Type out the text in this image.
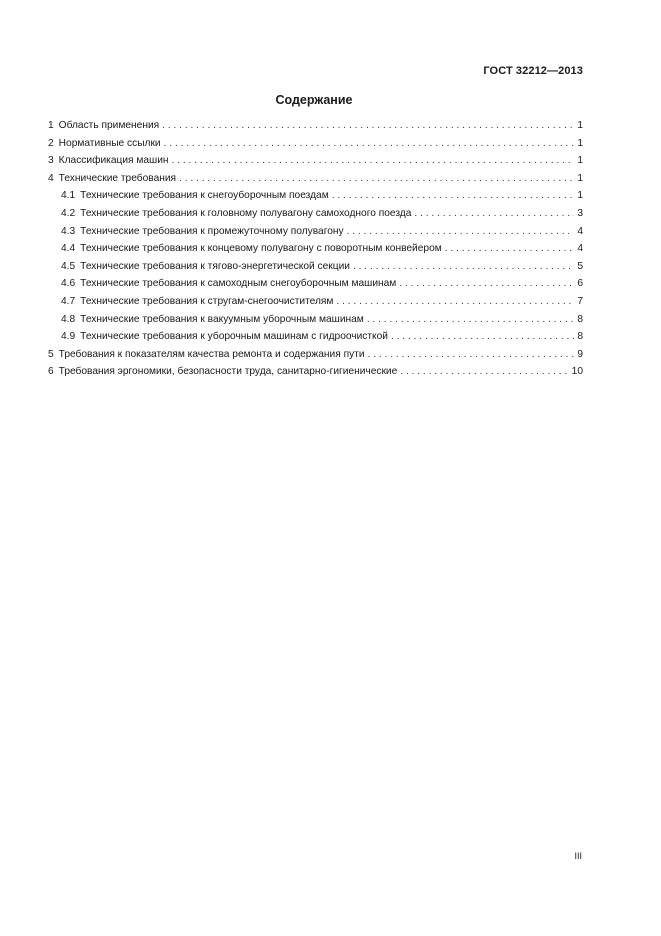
ГОСТ 32212—2013
Содержание
1 Область применения . . .	1
2 Нормативные ссылки . . .	1
3 Классификация машин . . .	1
4 Технические требования . . .	1
4.1 Технические требования к снегоуборочным поездам . . .	1
4.2 Технические требования к головному полувагону самоходного поезда . . .	3
4.3 Технические требования к промежуточному полувагону . . .	4
4.4 Технические требования к концевому полувагону с поворотным конвейером . . .	4
4.5 Технические требования к тягово-энергетической секции . . .	5
4.6 Технические требования к самоходным снегоуборочным машинам . . .	6
4.7 Технические требования к стругам-снегоочистителям . . .	7
4.8 Технические требования к вакуумным уборочным машинам . . .	8
4.9 Технические требования к уборочным машинам с гидроочисткой . . .	8
5 Требования к показателям качества ремонта и содержания пути . . .	9
6 Требования эргономики, безопасности труда, санитарно-гигиенические . . .	10
III
